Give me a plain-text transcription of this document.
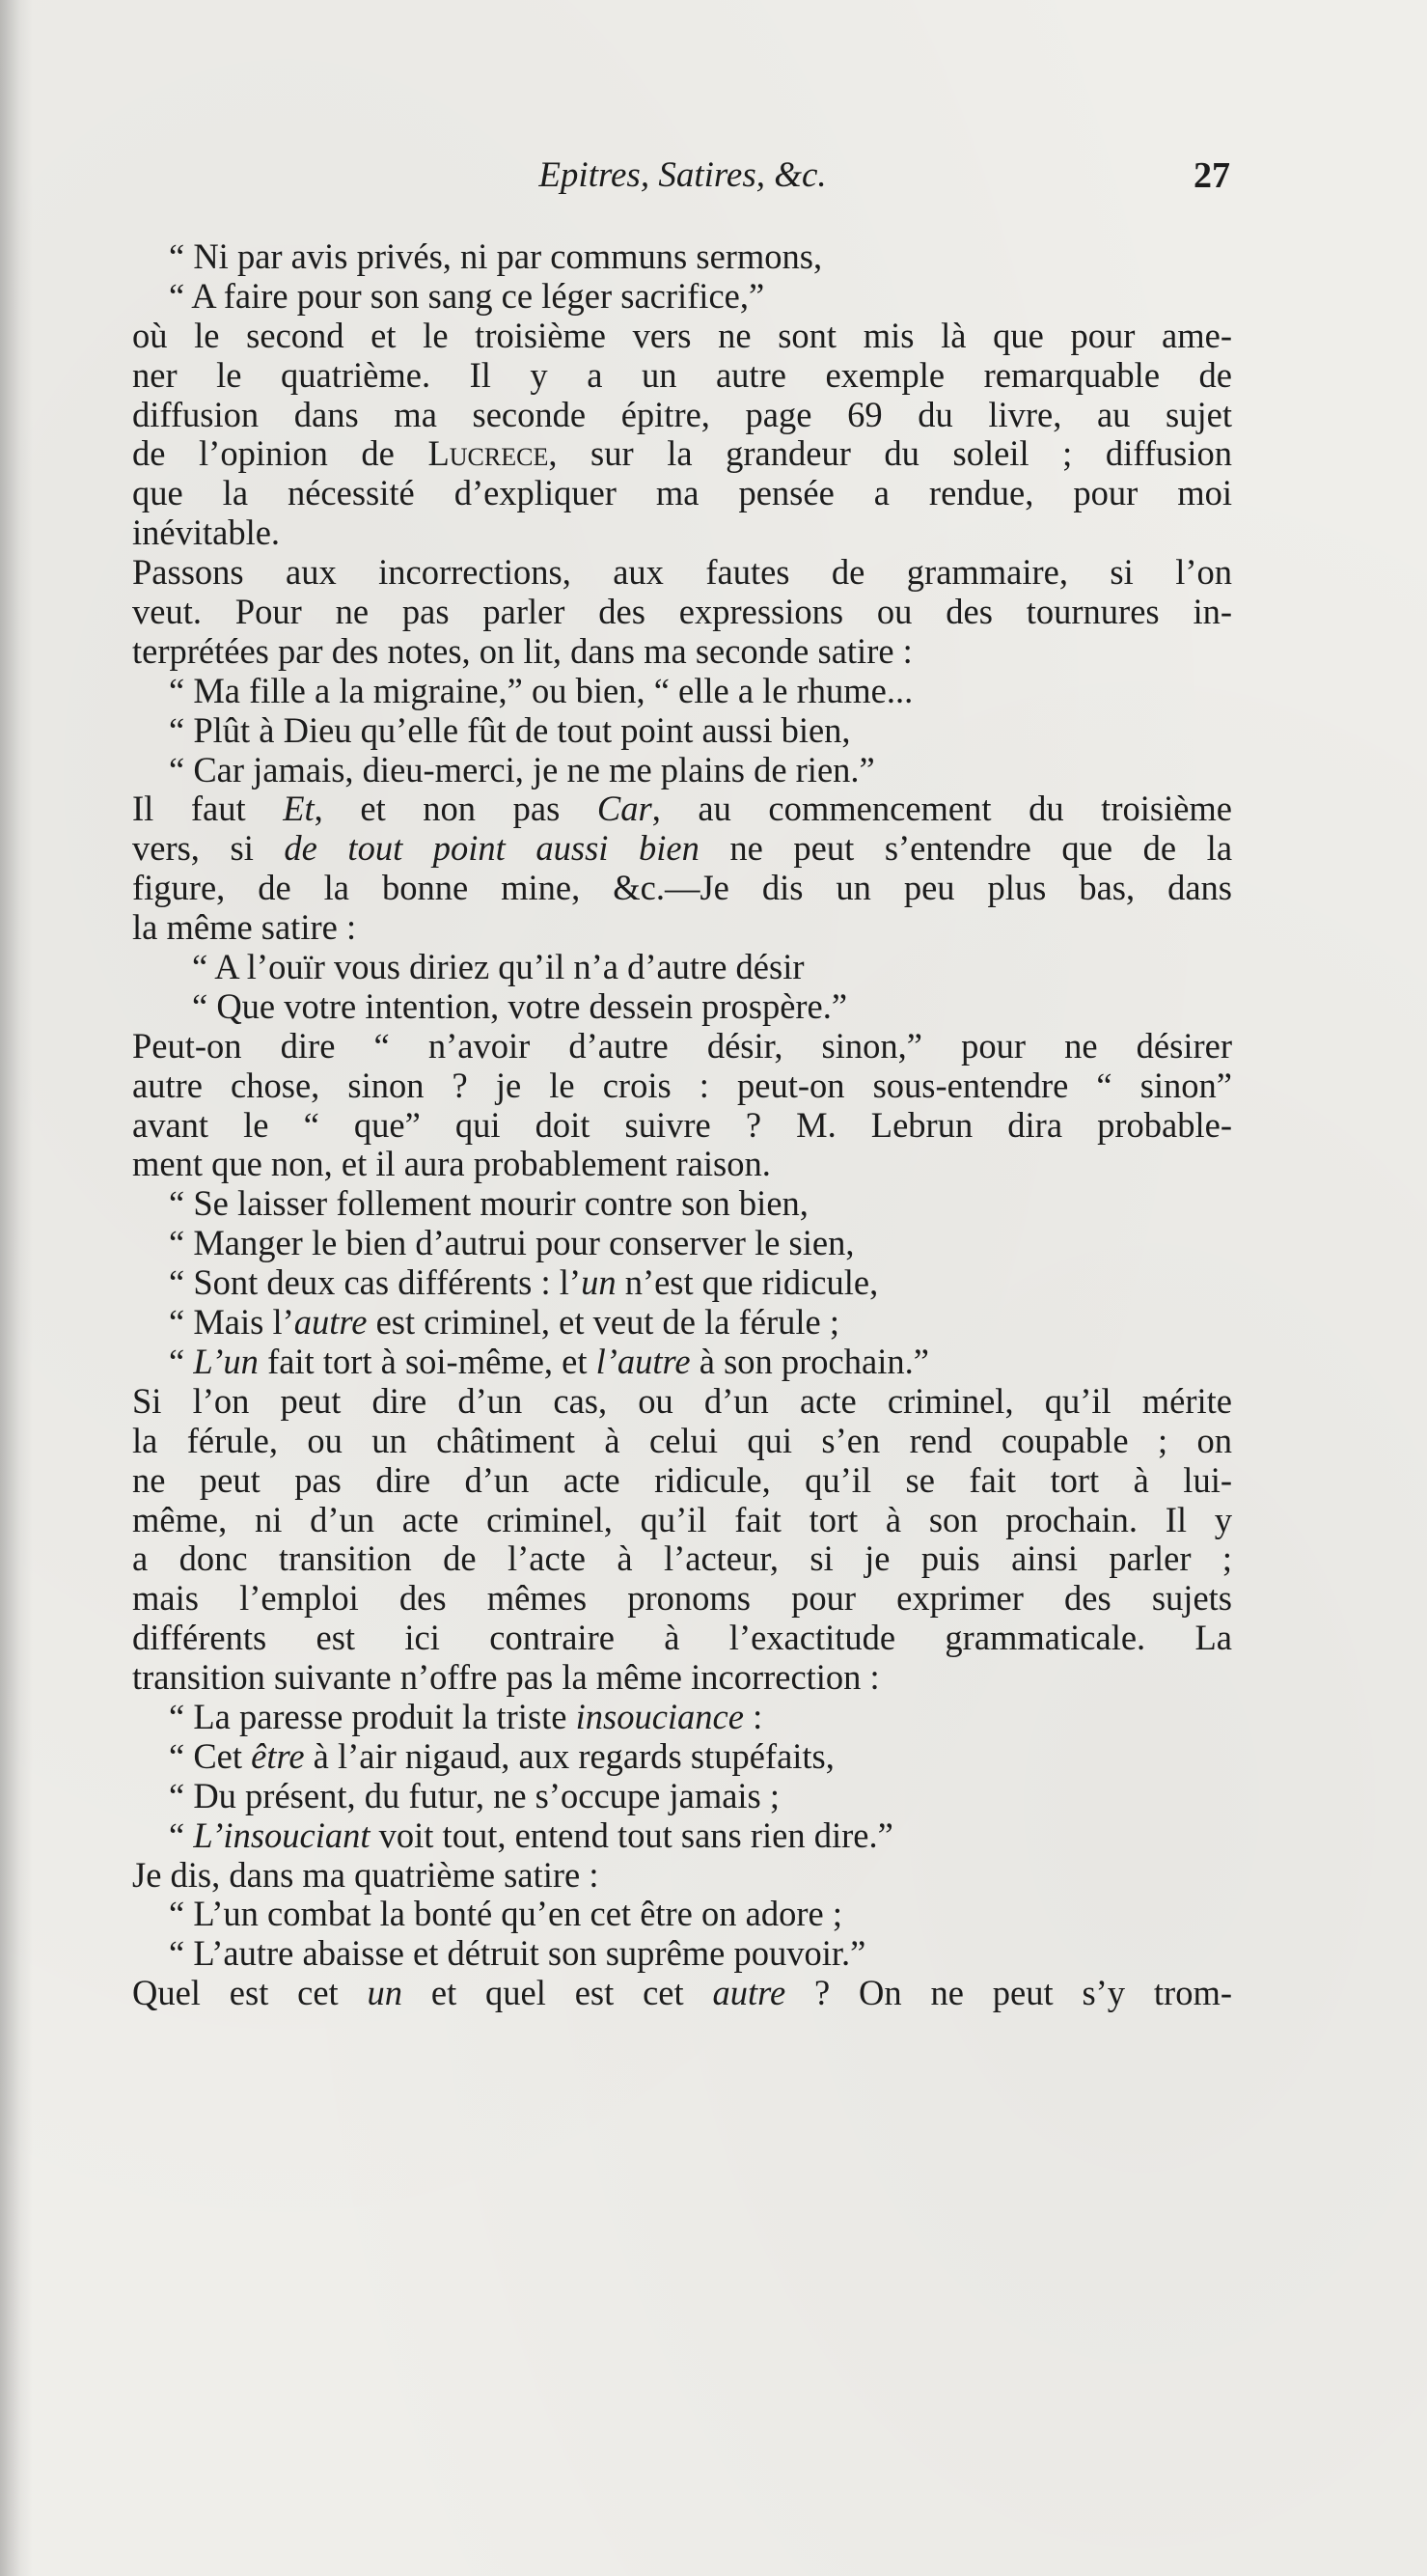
Epitres, Satires, &c.	27
“ Ni par avis privés, ni par communs sermons,
“ A faire pour son sang ce léger sacrifice,”
où le second et le troisième vers ne sont mis là que pour ame-
ner le quatrième. Il y a un autre exemple remarquable de
diffusion dans ma seconde épitre, page 69 du livre, au sujet
de l’opinion de Lucrece, sur la grandeur du soleil ; diffusion
que la nécessité d’expliquer ma pensée a rendue, pour moi
inévitable.
Passons aux incorrections, aux fautes de grammaire, si l’on
veut. Pour ne pas parler des expressions ou des tournures in-
terprétées par des notes, on lit, dans ma seconde satire :
“ Ma fille a la migraine,” ou bien, “ elle a le rhume...
“ Plût à Dieu qu’elle fût de tout point aussi bien,
“ Car jamais, dieu-merci, je ne me plains de rien.”
Il faut Et, et non pas Car, au commencement du troisième
vers, si de tout point aussi bien ne peut s’entendre que de la
figure, de la bonne mine, &c.—Je dis un peu plus bas, dans
la même satire :
“ A l’ouïr vous diriez qu’il n’a d’autre désir
“ Que votre intention, votre dessein prospère.”
Peut-on dire “ n’avoir d’autre désir, sinon,” pour ne désirer
autre chose, sinon ? je le crois : peut-on sous-entendre “ sinon”
avant le “ que” qui doit suivre ? M. Lebrun dira probable-
ment que non, et il aura probablement raison.
“ Se laisser follement mourir contre son bien,
“ Manger le bien d’autrui pour conserver le sien,
“ Sont deux cas différents : l’un n’est que ridicule,
“ Mais l’autre est criminel, et veut de la férule ;
“ L’un fait tort à soi-même, et l’autre à son prochain.”
Si l’on peut dire d’un cas, ou d’un acte criminel, qu’il mérite
la férule, ou un châtiment à celui qui s’en rend coupable ; on
ne peut pas dire d’un acte ridicule, qu’il se fait tort à lui-
même, ni d’un acte criminel, qu’il fait tort à son prochain. Il y
a donc transition de l’acte à l’acteur, si je puis ainsi parler ;
mais l’emploi des mêmes pronoms pour exprimer des sujets
différents est ici contraire à l’exactitude grammaticale. La
transition suivante n’offre pas la même incorrection :
“ La paresse produit la triste insouciance :
“ Cet être à l’air nigaud, aux regards stupéfaits,
“ Du présent, du futur, ne s’occupe jamais ;
“ L’insouciant voit tout, entend tout sans rien dire.”
Je dis, dans ma quatrième satire :
“ L’un combat la bonté qu’en cet être on adore ;
“ L’autre abaisse et détruit son suprême pouvoir.”
Quel est cet un et quel est cet autre ? On ne peut s’y trom-
